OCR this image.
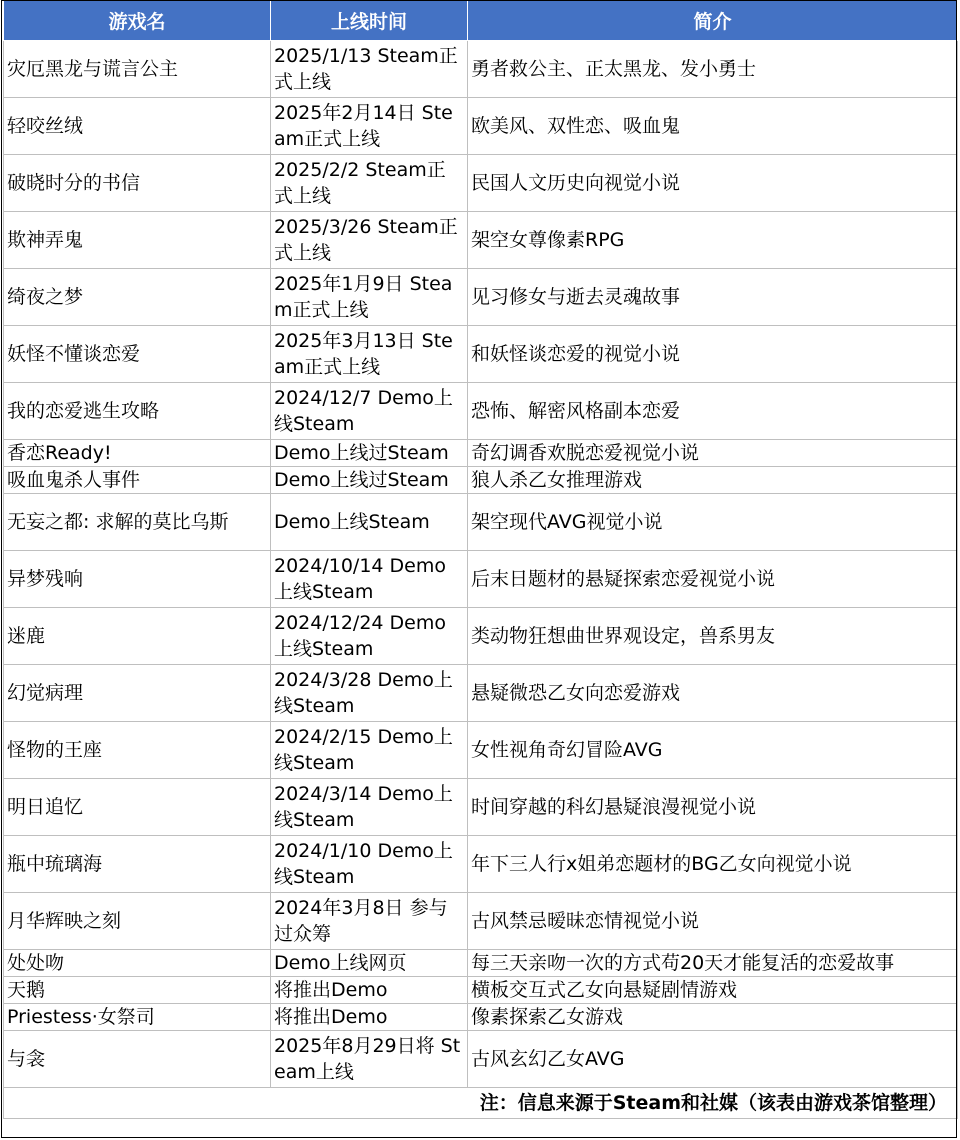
游戏名	上线时间	简介
灾厄黑龙与谎言公主	2025/1/13 Steam正式上线	勇者救公主、正太黑龙、发小勇士
轻咬丝绒	2025年2月14日 Steam正式上线	欧美风、双性恋、吸血鬼
破晓时分的书信	2025/2/2 Steam正式上线	民国人文历史向视觉小说
欺神弄鬼	2025/3/26 Steam正式上线	架空女尊像素RPG
绮夜之梦	2025年1月9日 Steam正式上线	见习修女与逝去灵魂故事
妖怪不懂谈恋爱	2025年3月13日 Steam正式上线	和妖怪谈恋爱的视觉小说
我的恋爱逃生攻略	2024/12/7 Demo上线Steam	恐怖、解密风格副本恋爱
香恋Ready!	Demo上线过Steam	奇幻调香欢脱恋爱视觉小说
吸血鬼杀人事件	Demo上线过Steam	狼人杀乙女推理游戏
无妄之都: 求解的莫比乌斯	Demo上线Steam	架空现代AVG视觉小说
异梦残响	2024/10/14 Demo上线Steam	后末日题材的悬疑探索恋爱视觉小说
迷鹿	2024/12/24 Demo上线Steam	类动物狂想曲世界观设定，兽系男友
幻觉病理	2024/3/28 Demo上线Steam	悬疑微恐乙女向恋爱游戏
怪物的王座	2024/2/15 Demo上线Steam	女性视角奇幻冒险AVG
明日追忆	2024/3/14 Demo上线Steam	时间穿越的科幻悬疑浪漫视觉小说
瓶中琉璃海	2024/1/10 Demo上线Steam	年下三人行x姐弟恋题材的BG乙女向视觉小说
月华辉映之刻	2024年3月8日 参与过众筹	古风禁忌暧昧恋情视觉小说
处处吻	Demo上线网页	每三天亲吻一次的方式苟20天才能复活的恋爱故事
天鹅	将推出Demo	横板交互式乙女向悬疑剧情游戏
Priestess·女祭司	将推出Demo	像素探索乙女游戏
与衾	2025年8月29日将 Steam上线	古风玄幻乙女AVG
注：信息来源于Steam和社媒（该表由游戏茶馆整理）		
